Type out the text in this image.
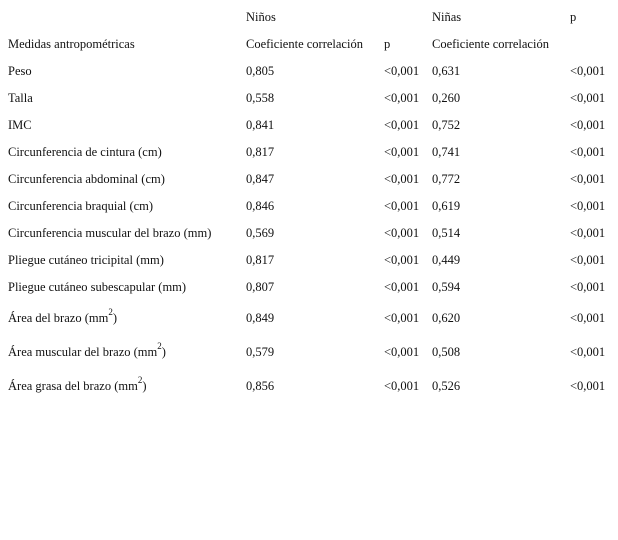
	Niños		Niñas	p
Medidas antropométricas	Coeficiente correlación	p	Coeficiente correlación	
Peso	0,805	<0,001	0,631	<0,001
Talla	0,558	<0,001	0,260	<0,001
IMC	0,841	<0,001	0,752	<0,001
Circunferencia de cintura (cm)	0,817	<0,001	0,741	<0,001
Circunferencia abdominal (cm)	0,847	<0,001	0,772	<0,001
Circunferencia braquial (cm)	0,846	<0,001	0,619	<0,001
Circunferencia muscular del brazo (mm)	0,569	<0,001	0,514	<0,001
Pliegue cutáneo tricipital (mm)	0,817	<0,001	0,449	<0,001
Pliegue cutáneo subescapular (mm)	0,807	<0,001	0,594	<0,001
Área del brazo $(mm^2)$	0,849	<0,001	0,620	<0,001
Área muscular del brazo $(mm^2)$	0,579	<0,001	0,508	<0,001
Área grasa del brazo $(mm^2)$	0,856	<0,001	0,526	<0,001
